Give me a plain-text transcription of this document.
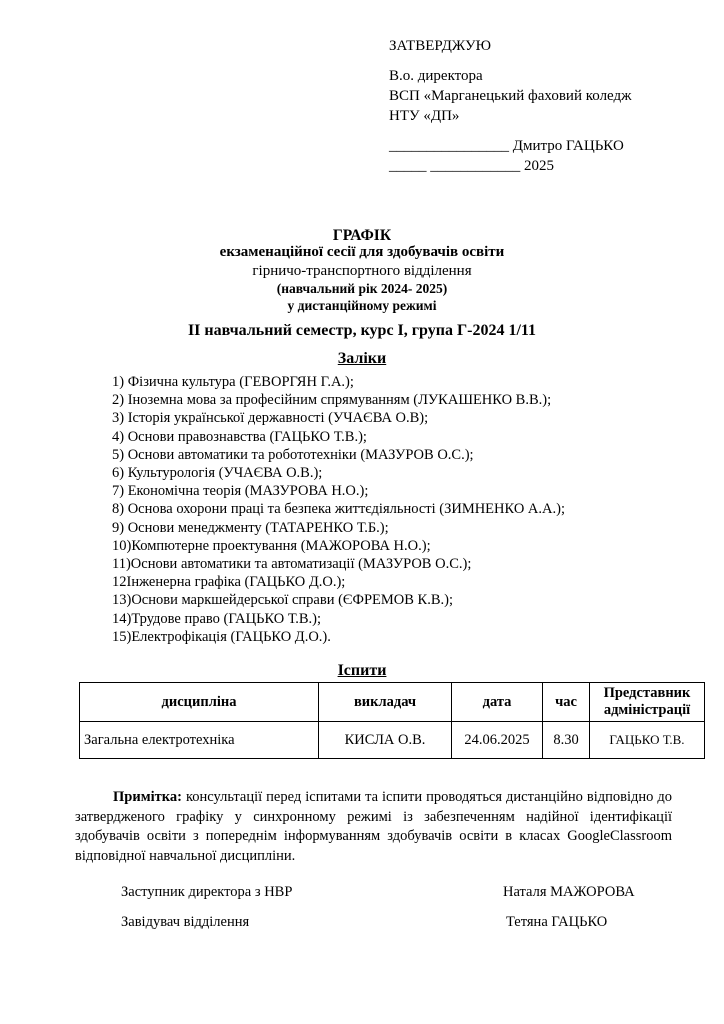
ЗАТВЕРДЖУЮ
В.о. директора
ВСП «Марганецький фаховий коледж
НТУ «ДП»
________________ Дмитро ГАЦЬКО
_____ ____________ 2025
ГРАФІК
екзаменаційної сесії для здобувачів освіти
гірничо-транспортного відділення
(навчальний рік 2024- 2025)
у дистанційному режимі
ІІ навчальний семестр, курс І, група Г-2024 1/11
Заліки
1) Фізична культура (ГЕВОРГЯН Г.А.);
2) Іноземна мова за професійним спрямуванням (ЛУКАШЕНКО В.В.);
3) Історія української державності (УЧАЄВА О.В);
4) Основи правознавства (ГАЦЬКО Т.В.);
5) Основи автоматики та робототехніки (МАЗУРОВ О.С.);
6) Культурологія (УЧАЄВА О.В.);
7) Економічна теорія (МАЗУРОВА Н.О.);
8) Основа охорони праці та безпека життєдіяльності (ЗИМНЕНКО А.А.);
9) Основи менеджменту (ТАТАРЕНКО Т.Б.);
10)Компютерне проектування (МАЖОРОВА Н.О.);
11)Основи автоматики та автоматизації (МАЗУРОВ О.С.);
12Інженерна графіка (ГАЦЬКО Д.О.);
13)Основи маркшейдерської справи (ЄФРЕМОВ К.В.);
14)Трудове право (ГАЦЬКО Т.В.);
15)Електрофікація (ГАЦЬКО Д.О.).
Іспити
дисципліна	викладач	дата	час	Представник адміністрації
Загальна електротехніка	КИСЛА О.В.	24.06.2025	8.30	ГАЦЬКО Т.В.
Примітка: консультації перед іспитами та іспити проводяться дистанційно відповідно до затвердженого графіку у синхронному режимі із забезпеченням надійної ідентифікації здобувачів освіти з попереднім інформуванням здобувачів освіти в класах GoogleClassroom відповідної навчальної дисципліни.
Заступник директора з НВР	Наталя МАЖОРОВА
Завідувач відділення	Тетяна ГАЦЬКО
